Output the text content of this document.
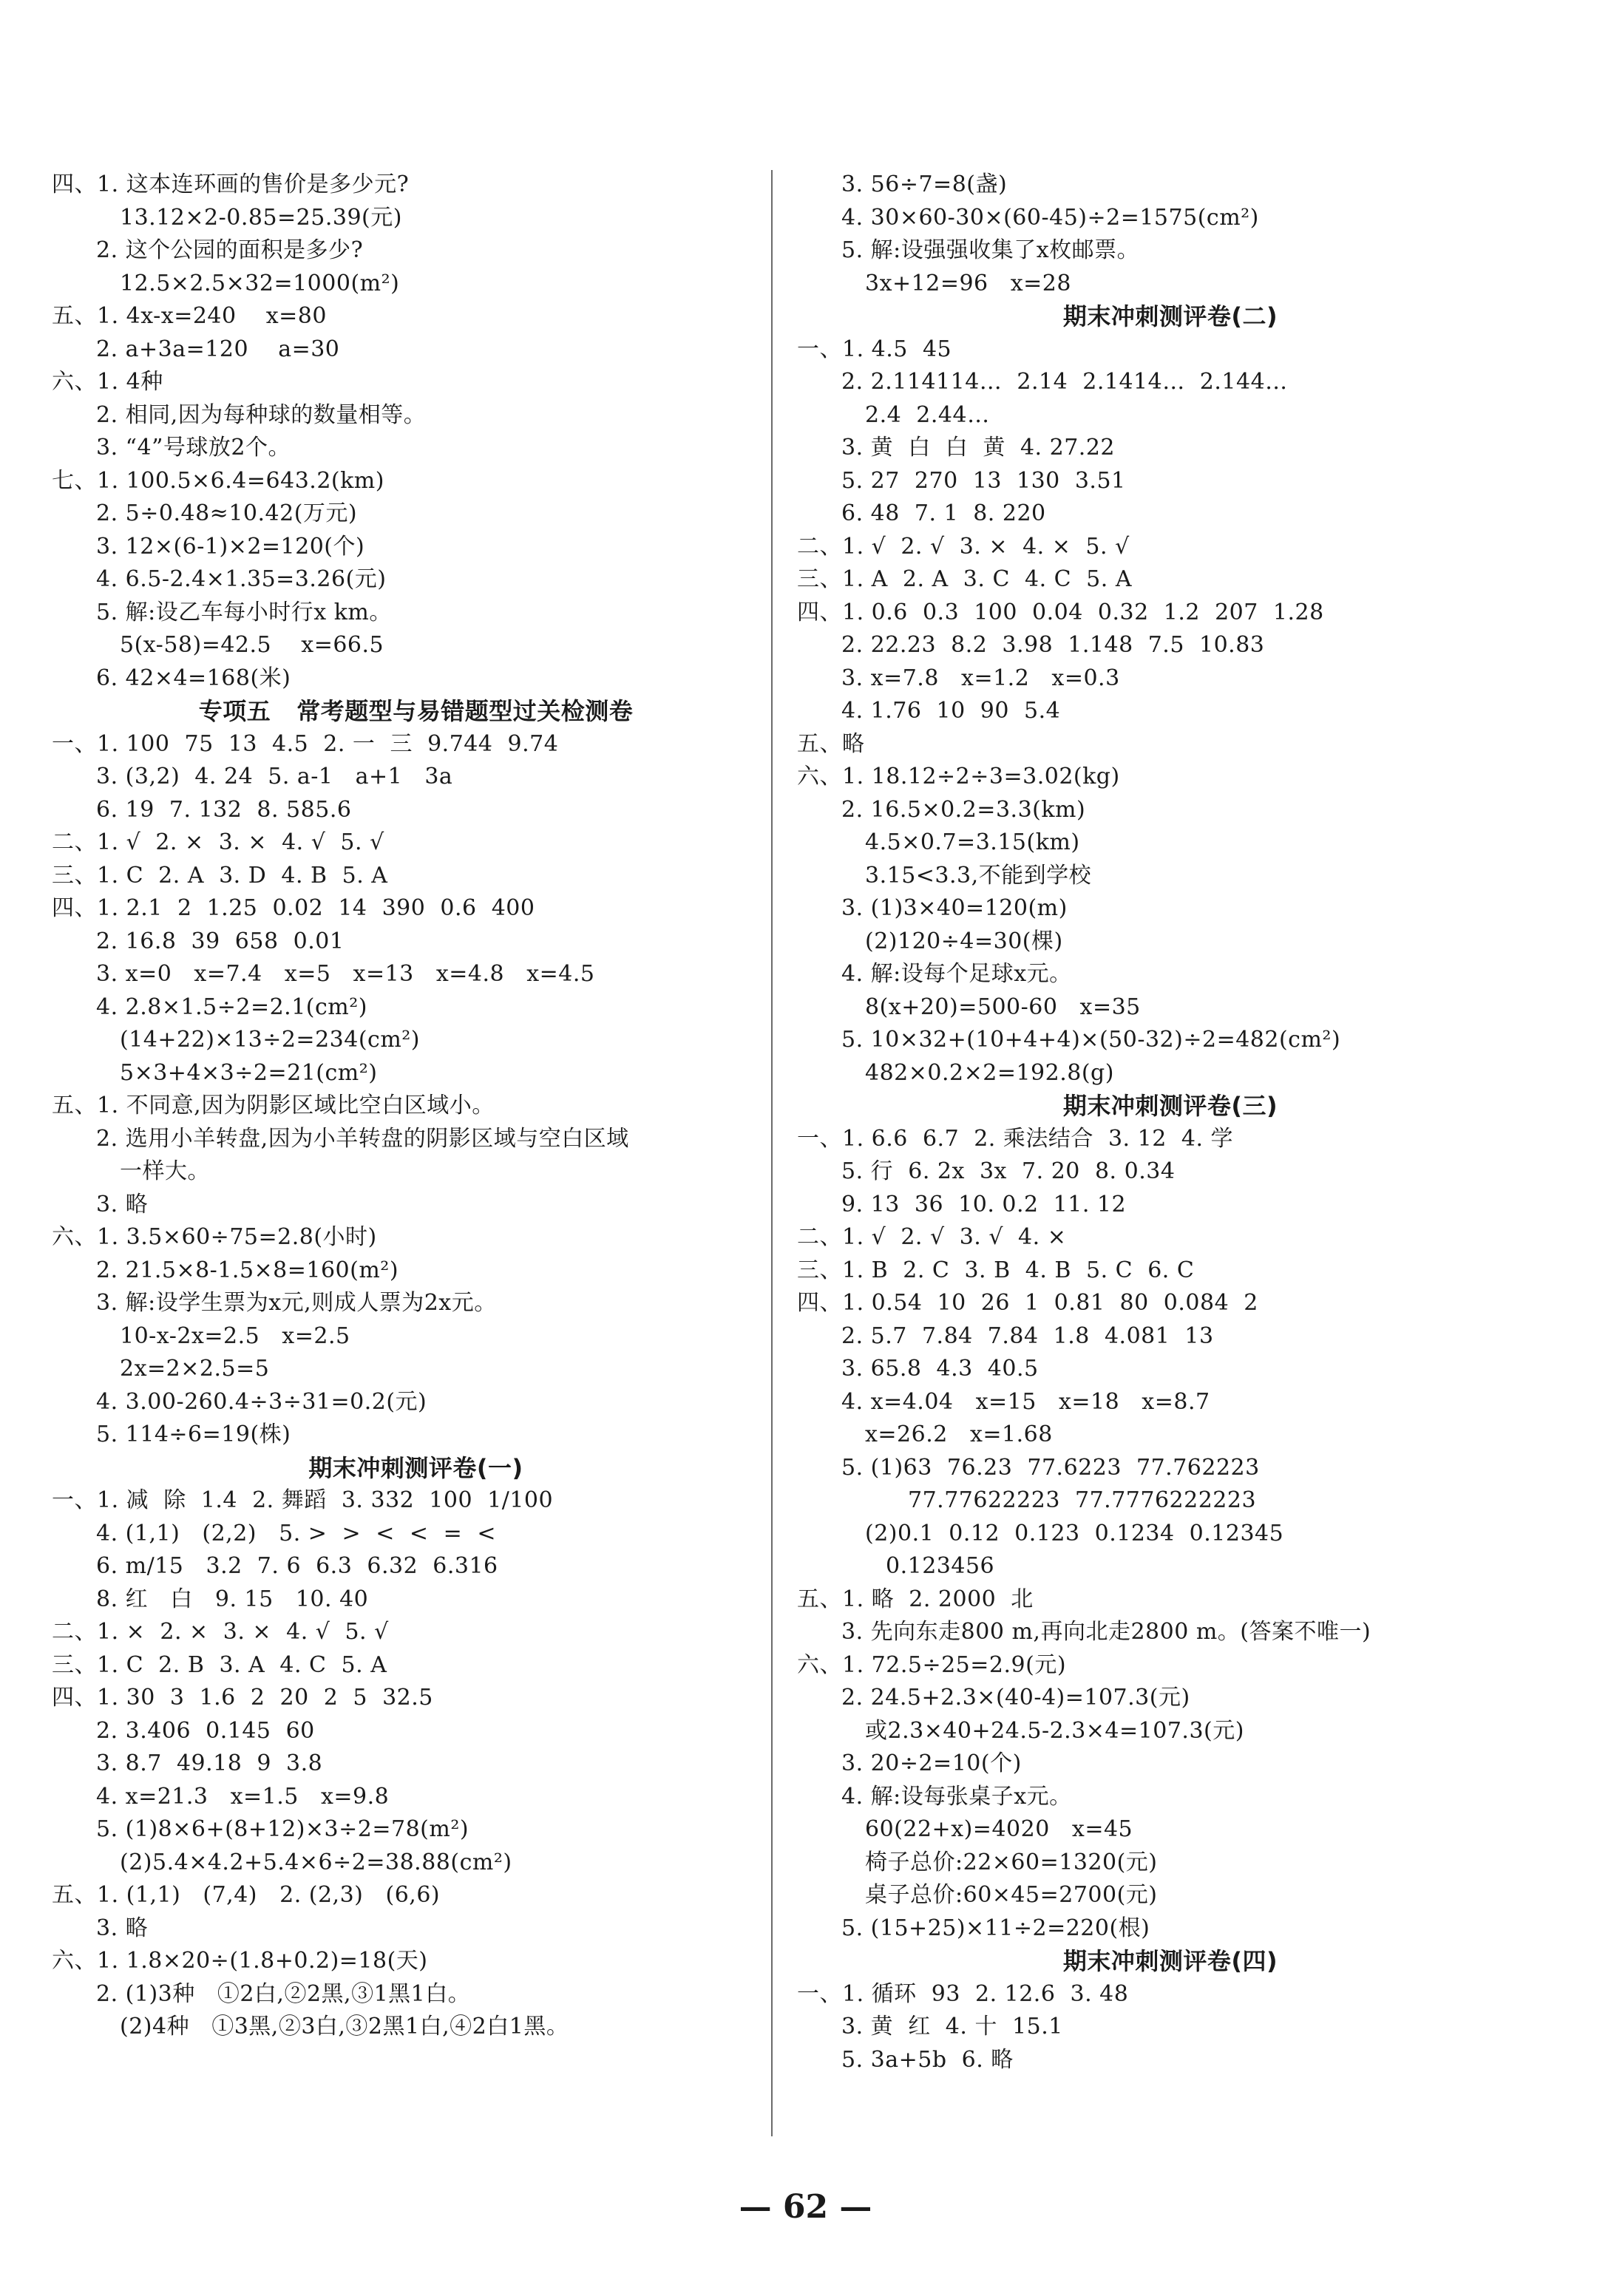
四、1. 这本连环画的售价是多少元?
13.12×2-0.85=25.39(元)
2. 这个公园的面积是多少?
12.5×2.5×32=1000(m²)
五、1. 4x-x=240    x=80
2. a+3a=120    a=30
六、1. 4种
2. 相同,因为每种球的数量相等。
3. “4”号球放2个。
七、1. 100.5×6.4=643.2(km)
2. 5÷0.48≈10.42(万元)
3. 12×(6-1)×2=120(个)
4. 6.5-2.4×1.35=3.26(元)
5. 解:设乙车每小时行x km。
5(x-58)=42.5    x=66.5
6. 42×4=168(米)
专项五   常考题型与易错题型过关检测卷
一、1. 100  75  13  4.5  2. 一  三  9.744  9.74
3. (3,2)  4. 24  5. a-1   a+1   3a
6. 19  7. 132  8. 585.6
二、1. √  2. ×  3. ×  4. √  5. √
三、1. C  2. A  3. D  4. B  5. A
四、1. 2.1  2  1.25  0.02  14  390  0.6  400
2. 16.8  39  658  0.01
3. x=0   x=7.4   x=5   x=13   x=4.8   x=4.5
4. 2.8×1.5÷2=2.1(cm²)
(14+22)×13÷2=234(cm²)
5×3+4×3÷2=21(cm²)
五、1. 不同意,因为阴影区域比空白区域小。
2. 选用小羊转盘,因为小羊转盘的阴影区域与空白区域
一样大。
3. 略
六、1. 3.5×60÷75=2.8(小时)
2. 21.5×8-1.5×8=160(m²)
3. 解:设学生票为x元,则成人票为2x元。
10-x-2x=2.5   x=2.5
2x=2×2.5=5
4. 3.00-260.4÷3÷31=0.2(元)
5. 114÷6=19(株)
期末冲刺测评卷(一)
一、1. 减  除  1.4  2. 舞蹈  3. 332  100  1/100
4. (1,1)   (2,2)   5. >  >  <  <  =  <
6. m/15   3.2  7. 6  6.3  6.32  6.316
8. 红   白   9. 15   10. 40
二、1. ×  2. ×  3. ×  4. √  5. √
三、1. C  2. B  3. A  4. C  5. A
四、1. 30  3  1.6  2  20  2  5  32.5
2. 3.406  0.145  60
3. 8.7  49.18  9  3.8
4. x=21.3   x=1.5   x=9.8
5. (1)8×6+(8+12)×3÷2=78(m²)
(2)5.4×4.2+5.4×6÷2=38.88(cm²)
五、1. (1,1)   (7,4)   2. (2,3)   (6,6)
3. 略
六、1. 1.8×20÷(1.8+0.2)=18(天)
2. (1)3种   ①2白,②2黑,③1黑1白。
(2)4种   ①3黑,②3白,③2黑1白,④2白1黑。
3. 56÷7=8(盏)
4. 30×60-30×(60-45)÷2=1575(cm²)
5. 解:设强强收集了x枚邮票。
3x+12=96   x=28
期末冲刺测评卷(二)
一、1. 4.5  45
2. 2.114114…  2.14  2.1414…  2.144…
2.4  2.44…
3. 黄  白  白  黄  4. 27.22
5. 27  270  13  130  3.51
6. 48  7. 1  8. 220
二、1. √  2. √  3. ×  4. ×  5. √
三、1. A  2. A  3. C  4. C  5. A
四、1. 0.6  0.3  100  0.04  0.32  1.2  207  1.28
2. 22.23  8.2  3.98  1.148  7.5  10.83
3. x=7.8   x=1.2   x=0.3
4. 1.76  10  90  5.4
五、略
六、1. 18.12÷2÷3=3.02(kg)
2. 16.5×0.2=3.3(km)
4.5×0.7=3.15(km)
3.15<3.3,不能到学校
3. (1)3×40=120(m)
(2)120÷4=30(棵)
4. 解:设每个足球x元。
8(x+20)=500-60   x=35
5. 10×32+(10+4+4)×(50-32)÷2=482(cm²)
482×0.2×2=192.8(g)
期末冲刺测评卷(三)
一、1. 6.6  6.7  2. 乘法结合  3. 12  4. 学
5. 行  6. 2x  3x  7. 20  8. 0.34
9. 13  36  10. 0.2  11. 12
二、1. √  2. √  3. √  4. ×
三、1. B  2. C  3. B  4. B  5. C  6. C
四、1. 0.54  10  26  1  0.81  80  0.084  2
2. 5.7  7.84  7.84  1.8  4.081  13
3. 65.8  4.3  40.5
4. x=4.04   x=15   x=18   x=8.7
x=26.2   x=1.68
5. (1)63  76.23  77.6223  77.762223
77.77622223  77.7776222223
(2)0.1  0.12  0.123  0.1234  0.12345
0.123456
五、1. 略  2. 2000  北
3. 先向东走800 m,再向北走2800 m。(答案不唯一)
六、1. 72.5÷25=2.9(元)
2. 24.5+2.3×(40-4)=107.3(元)
或2.3×40+24.5-2.3×4=107.3(元)
3. 20÷2=10(个)
4. 解:设每张桌子x元。
60(22+x)=4020   x=45
椅子总价:22×60=1320(元)
桌子总价:60×45=2700(元)
5. (15+25)×11÷2=220(根)
期末冲刺测评卷(四)
一、1. 循环  93  2. 12.6  3. 48
3. 黄  红  4. 十  15.1
5. 3a+5b  6. 略
— 62 —
